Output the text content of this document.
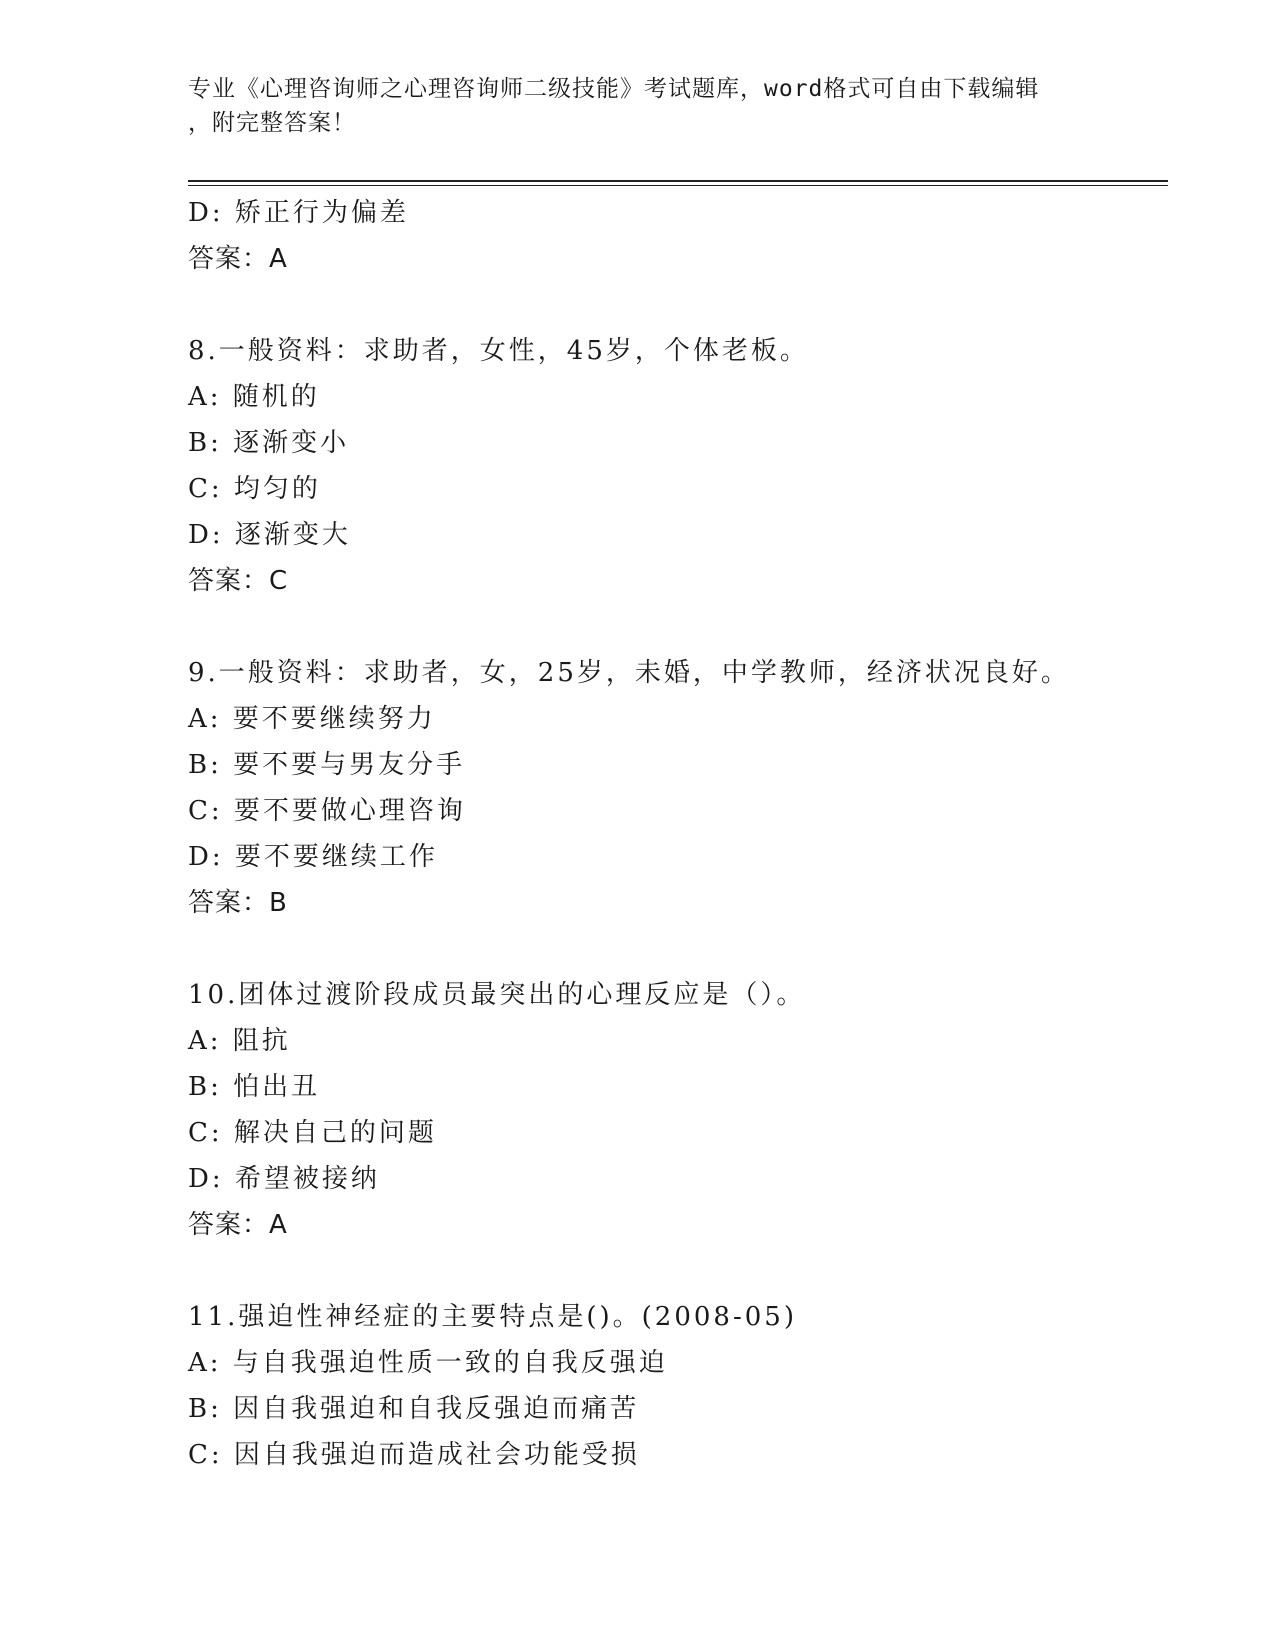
专业《心理咨询师之心理咨询师二级技能》考试题库，word格式可自由下载编辑
，附完整答案！
D: 矫正行为偏差
答案：A
8.一般资料：求助者，女性，45岁，个体老板。
A: 随机的
B: 逐渐变小
C: 均匀的
D: 逐渐变大
答案：C
9.一般资料：求助者，女，25岁，未婚，中学教师，经济状况良好。
A: 要不要继续努力
B: 要不要与男友分手
C: 要不要做心理咨询
D: 要不要继续工作
答案：B
10.团体过渡阶段成员最突出的心理反应是（）。
A: 阻抗
B: 怕出丑
C: 解决自己的问题
D: 希望被接纳
答案：A
11.强迫性神经症的主要特点是()。(2008-05)
A: 与自我强迫性质一致的自我反强迫
B: 因自我强迫和自我反强迫而痛苦
C: 因自我强迫而造成社会功能受损
